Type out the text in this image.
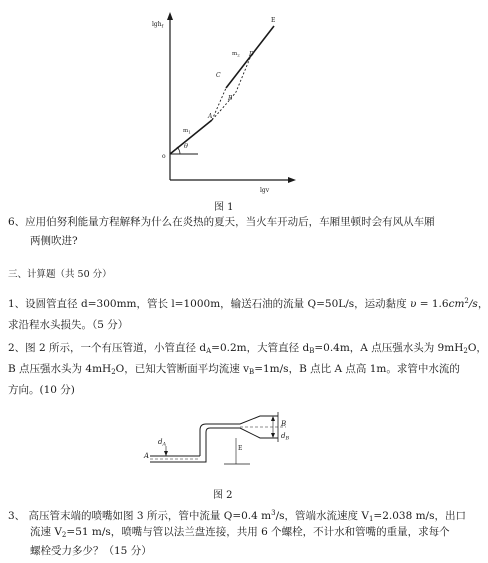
lgh$_f$
lgv
E
$m_2$ D
C
B
A
$m_1$
θ
o
图 1
6、应用伯努利能量方程解释为什么在炎热的夏天，当火车开动后，车厢里顿时会有风从车厢
两侧吹进?
三、计算题（共 50 分）
1、设圆管直径 d=300mm，管长 l=1000m，输送石油的流量 Q=50L/s，运动黏度 $\upsilon = 1.6cm^2/s$，
求沿程水头损失。（5 分）
2、图 2 所示，一个有压管道，小管直径 $d_A=0.2m$，大管直径 $d_B=0.4m$，A 点压强水头为 $9mH_2O$，
B 点压强水头为 $4mH_2O$，已知大管断面平均流速 $v_B=1m/s$，B 点比 A 点高 1m。求管中水流的
方向。(10 分)
$d_A$
A
B
$d_B$
E
图 2
3、 高压管末端的喷嘴如图 3 所示，管中流量 Q=0.4 $m^3/s$，管端水流速度 $V_1=2.038$ m/s，出口
流速 $V_2=51$ m/s，喷嘴与管以法兰盘连接，共用 6 个螺栓，不计水和管嘴的重量，求每个
螺栓受力多少？（15 分）
